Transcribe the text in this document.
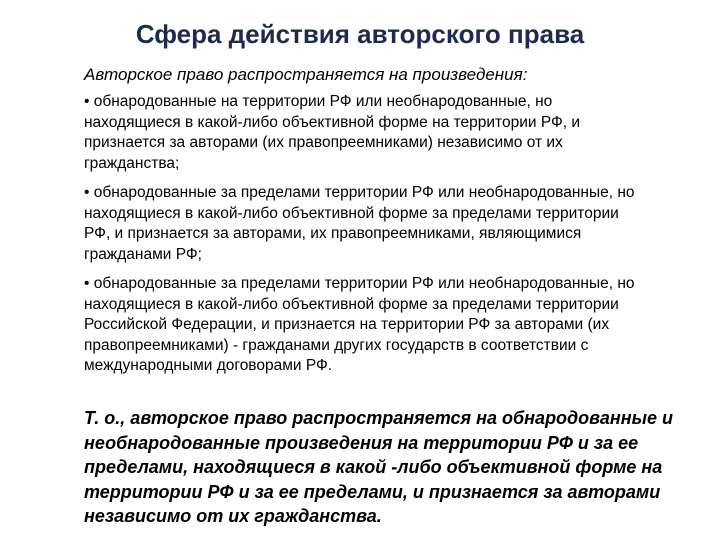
Сфера действия авторского права

Авторское право распространяется на произведения:

• обнародованные на территории РФ или необнародованные, но находящиеся в какой-либо объективной форме на территории РФ, и признается за авторами (их правопреемниками) независимо от их гражданства;

• обнародованные за пределами территории РФ или необнародованные, но находящиеся в какой-либо объективной форме за пределами территории РФ, и признается за авторами, их правопреемниками, являющимися гражданами РФ;

• обнародованные за пределами территории РФ или необнародованные, но находящиеся в какой-либо объективной форме за пределами территории Российской Федерации, и признается на территории РФ за авторами (их правопреемниками) - гражданами других государств в соответствии с международными договорами РФ.

Т. о., авторское право распространяется на обнародованные и необнародованные произведения на территории РФ и за ее пределами, находящиеся в какой -либо объективной форме на территории РФ и за ее пределами, и признается за авторами независимо от их гражданства.
